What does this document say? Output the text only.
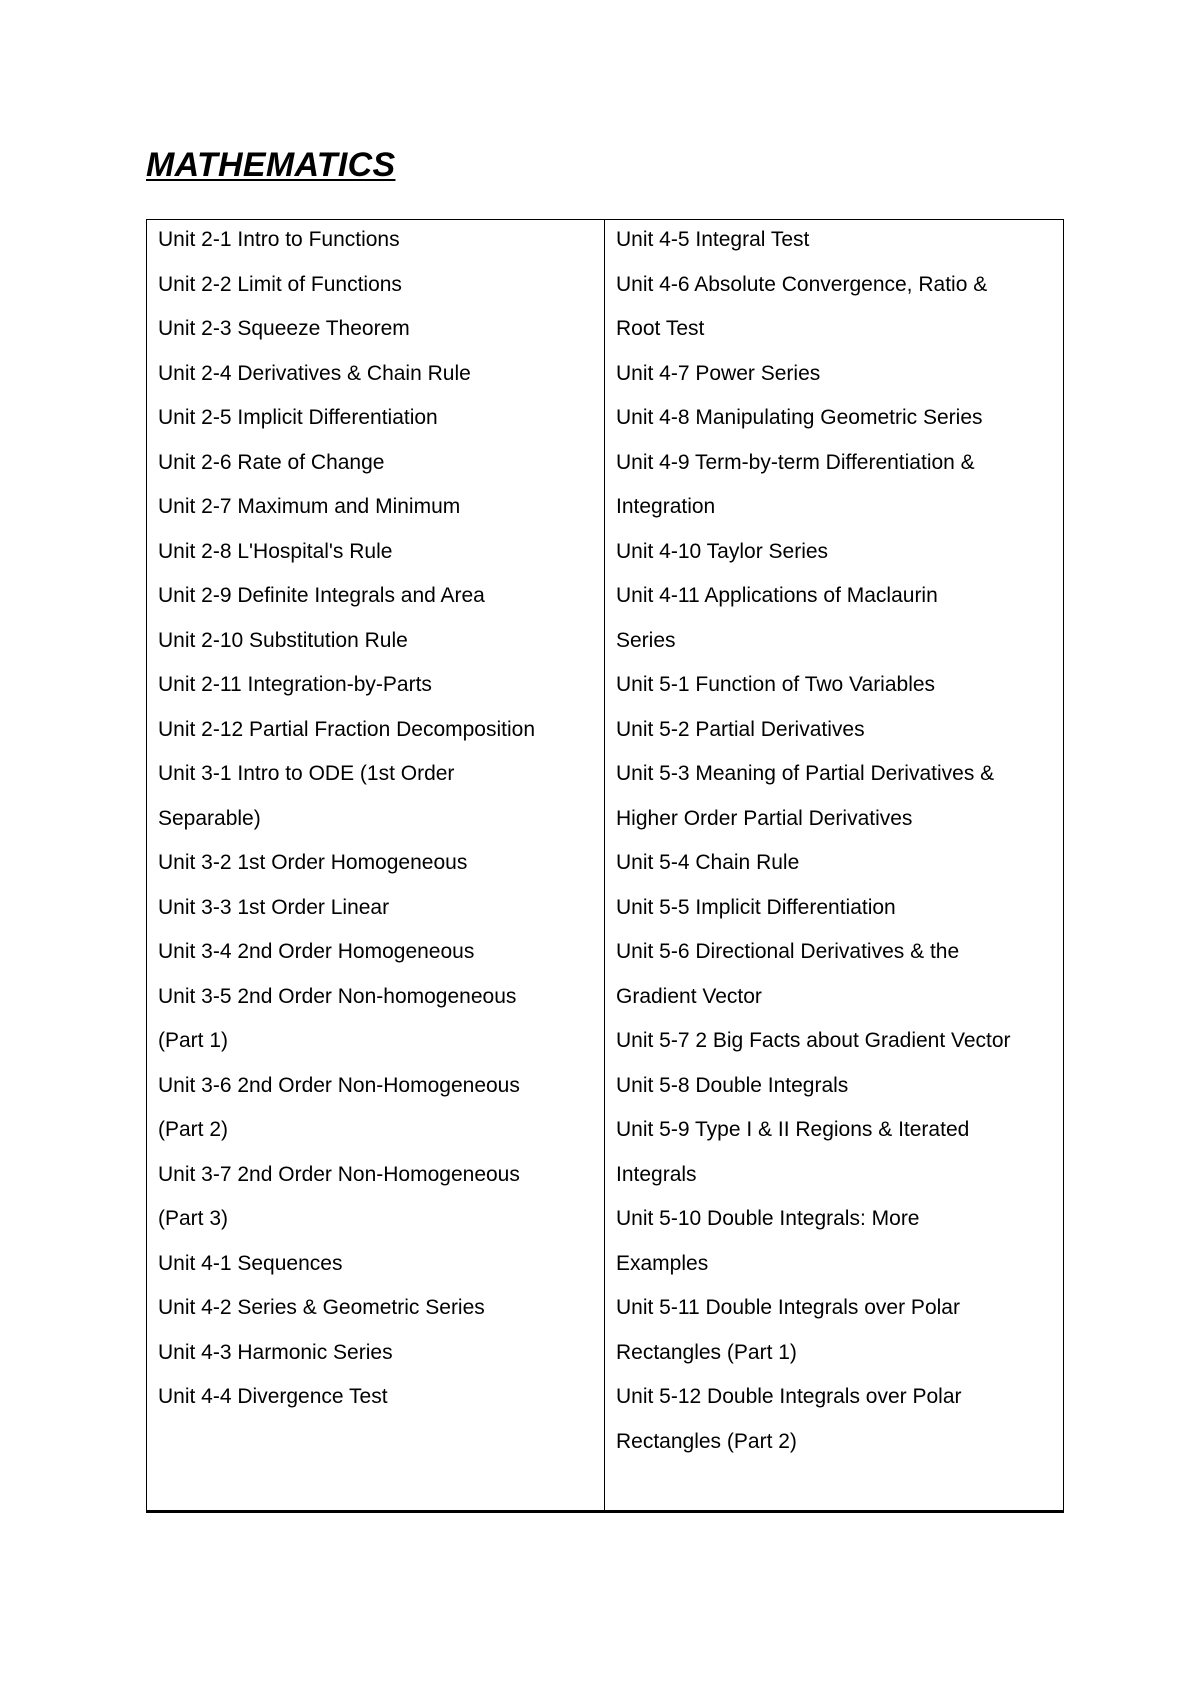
MATHEMATICS
Unit 2-1 Intro to Functions
Unit 2-2 Limit of Functions
Unit 2-3 Squeeze Theorem
Unit 2-4 Derivatives & Chain Rule
Unit 2-5 Implicit Differentiation
Unit 2-6 Rate of Change
Unit 2-7 Maximum and Minimum
Unit 2-8 L'Hospital's Rule
Unit 2-9 Definite Integrals and Area
Unit 2-10 Substitution Rule
Unit 2-11 Integration-by-Parts
Unit 2-12 Partial Fraction Decomposition
Unit 3-1 Intro to ODE (1st Order
Separable)
Unit 3-2 1st Order Homogeneous
Unit 3-3 1st Order Linear
Unit 3-4 2nd Order Homogeneous
Unit 3-5 2nd Order Non-homogeneous
(Part 1)
Unit 3-6 2nd Order Non-Homogeneous
(Part 2)
Unit 3-7 2nd Order Non-Homogeneous
(Part 3)
Unit 4-1 Sequences
Unit 4-2 Series & Geometric Series
Unit 4-3 Harmonic Series
Unit 4-4 Divergence Test

Unit 4-5 Integral Test
Unit 4-6 Absolute Convergence, Ratio &
Root Test
Unit 4-7 Power Series
Unit 4-8 Manipulating Geometric Series
Unit 4-9 Term-by-term Differentiation &
Integration
Unit 4-10 Taylor Series
Unit 4-11 Applications of Maclaurin
Series
Unit 5-1 Function of Two Variables
Unit 5-2 Partial Derivatives
Unit 5-3 Meaning of Partial Derivatives &
Higher Order Partial Derivatives
Unit 5-4 Chain Rule
Unit 5-5 Implicit Differentiation
Unit 5-6 Directional Derivatives & the
Gradient Vector
Unit 5-7 2 Big Facts about Gradient Vector
Unit 5-8 Double Integrals
Unit 5-9 Type I & II Regions & Iterated
Integrals
Unit 5-10 Double Integrals: More
Examples
Unit 5-11 Double Integrals over Polar
Rectangles (Part 1)
Unit 5-12 Double Integrals over Polar
Rectangles (Part 2)
